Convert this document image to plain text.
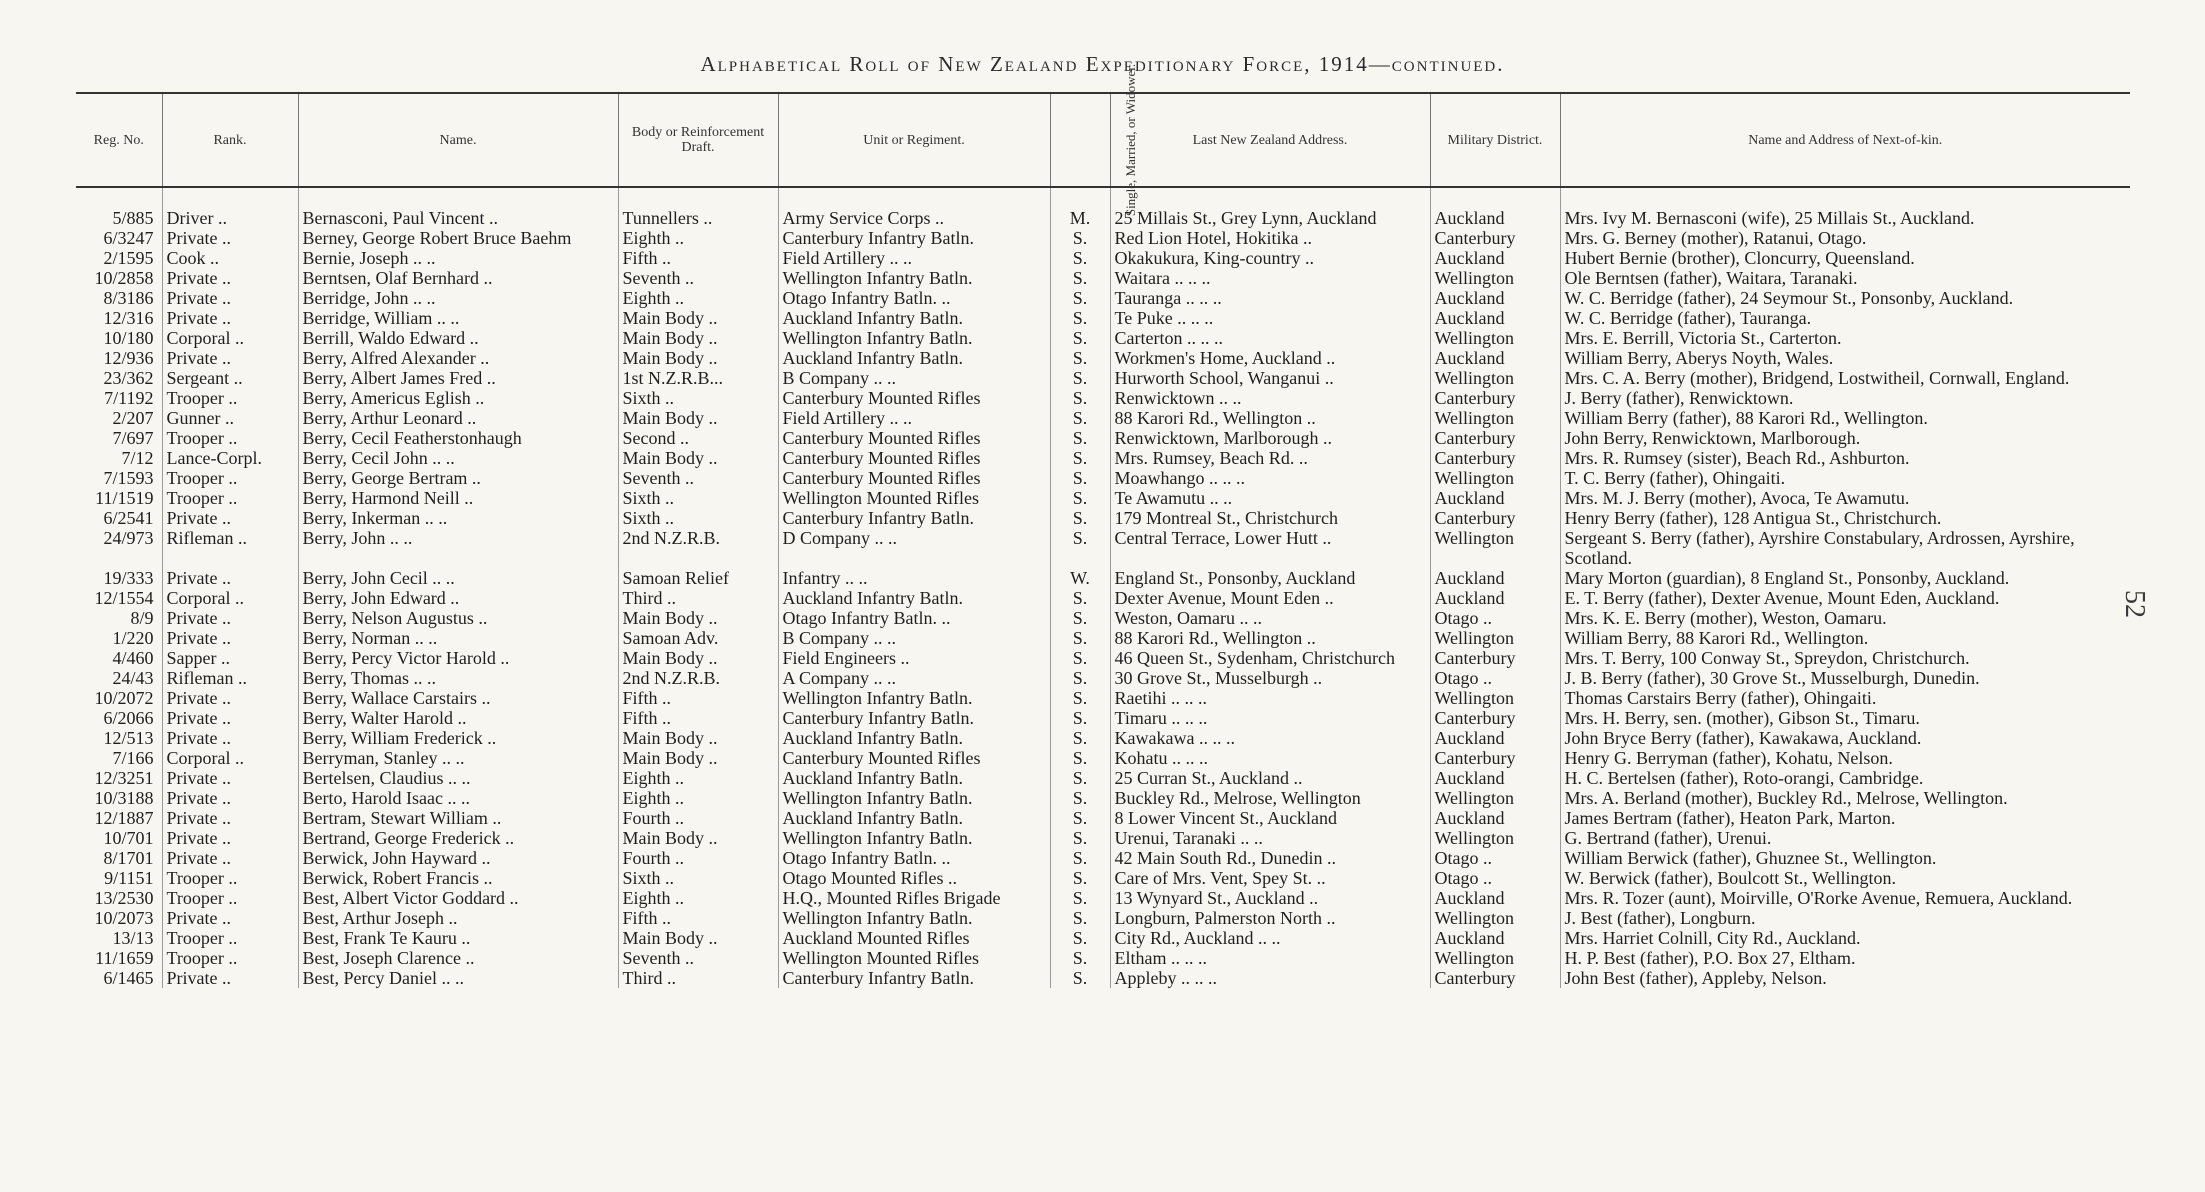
Alphabetical Roll of New Zealand Expeditionary Force, 1914—continued.
52
Reg. No.	Rank.	Name.	Body or Reinforcement Draft.	Unit or Regiment.	Single, Married, or Widower.	Last New Zealand Address.	Military District.	Name and Address of Next-of-kin.

5/885	Driver ..	Bernasconi, Paul Vincent ..	Tunnellers ..	Army Service Corps ..	M.	25 Millais St., Grey Lynn, Auckland	Auckland	Mrs. Ivy M. Bernasconi (wife), 25 Millais St., Auckland.
6/3247	Private ..	Berney, George Robert Bruce Baehm	Eighth ..	Canterbury Infantry Batln.	S.	Red Lion Hotel, Hokitika ..	Canterbury	Mrs. G. Berney (mother), Ratanui, Otago.
2/1595	Cook ..	Bernie, Joseph .. ..	Fifth ..	Field Artillery .. ..	S.	Okakukura, King-country ..	Auckland	Hubert Bernie (brother), Cloncurry, Queensland.
10/2858	Private ..	Berntsen, Olaf Bernhard ..	Seventh ..	Wellington Infantry Batln.	S.	Waitara .. .. ..	Wellington	Ole Berntsen (father), Waitara, Taranaki.
8/3186	Private ..	Berridge, John .. ..	Eighth ..	Otago Infantry Batln. ..	S.	Tauranga .. .. ..	Auckland	W. C. Berridge (father), 24 Seymour St., Ponsonby, Auckland.
12/316	Private ..	Berridge, William .. ..	Main Body ..	Auckland Infantry Batln.	S.	Te Puke .. .. ..	Auckland	W. C. Berridge (father), Tauranga.
10/180	Corporal ..	Berrill, Waldo Edward ..	Main Body ..	Wellington Infantry Batln.	S.	Carterton .. .. ..	Wellington	Mrs. E. Berrill, Victoria St., Carterton.
12/936	Private ..	Berry, Alfred Alexander ..	Main Body ..	Auckland Infantry Batln.	S.	Workmen's Home, Auckland ..	Auckland	William Berry, Aberys Noyth, Wales.
23/362	Sergeant ..	Berry, Albert James Fred ..	1st N.Z.R.B...	B Company .. ..	S.	Hurworth School, Wanganui ..	Wellington	Mrs. C. A. Berry (mother), Bridgend, Lostwitheil, Cornwall, England.
7/1192	Trooper ..	Berry, Americus Eglish ..	Sixth ..	Canterbury Mounted Rifles	S.	Renwicktown .. ..	Canterbury	J. Berry (father), Renwicktown.
2/207	Gunner ..	Berry, Arthur Leonard ..	Main Body ..	Field Artillery .. ..	S.	88 Karori Rd., Wellington ..	Wellington	William Berry (father), 88 Karori Rd., Wellington.
7/697	Trooper ..	Berry, Cecil Featherstonhaugh	Second ..	Canterbury Mounted Rifles	S.	Renwicktown, Marlborough ..	Canterbury	John Berry, Renwicktown, Marlborough.
7/12	Lance-Corpl.	Berry, Cecil John .. ..	Main Body ..	Canterbury Mounted Rifles	S.	Mrs. Rumsey, Beach Rd. ..	Canterbury	Mrs. R. Rumsey (sister), Beach Rd., Ashburton.
7/1593	Trooper ..	Berry, George Bertram ..	Seventh ..	Canterbury Mounted Rifles	S.	Moawhango .. .. ..	Wellington	T. C. Berry (father), Ohingaiti.
11/1519	Trooper ..	Berry, Harmond Neill ..	Sixth ..	Wellington Mounted Rifles	S.	Te Awamutu .. ..	Auckland	Mrs. M. J. Berry (mother), Avoca, Te Awamutu.
6/2541	Private ..	Berry, Inkerman .. ..	Sixth ..	Canterbury Infantry Batln.	S.	179 Montreal St., Christchurch	Canterbury	Henry Berry (father), 128 Antigua St., Christchurch.
24/973	Rifleman ..	Berry, John .. ..	2nd N.Z.R.B.	D Company .. ..	S.	Central Terrace, Lower Hutt ..	Wellington	Sergeant S. Berry (father), Ayrshire Constabulary, Ardrossen, Ayrshire, Scotland.
19/333	Private ..	Berry, John Cecil .. ..	Samoan Relief	Infantry .. ..	W.	England St., Ponsonby, Auckland	Auckland	Mary Morton (guardian), 8 England St., Ponsonby, Auckland.
12/1554	Corporal ..	Berry, John Edward ..	Third ..	Auckland Infantry Batln.	S.	Dexter Avenue, Mount Eden ..	Auckland	E. T. Berry (father), Dexter Avenue, Mount Eden, Auckland.
8/9	Private ..	Berry, Nelson Augustus ..	Main Body ..	Otago Infantry Batln. ..	S.	Weston, Oamaru .. ..	Otago ..	Mrs. K. E. Berry (mother), Weston, Oamaru.
1/220	Private ..	Berry, Norman .. ..	Samoan Adv.	B Company .. ..	S.	88 Karori Rd., Wellington ..	Wellington	William Berry, 88 Karori Rd., Wellington.
4/460	Sapper ..	Berry, Percy Victor Harold ..	Main Body ..	Field Engineers ..	S.	46 Queen St., Sydenham, Christchurch	Canterbury	Mrs. T. Berry, 100 Conway St., Spreydon, Christchurch.
24/43	Rifleman ..	Berry, Thomas .. ..	2nd N.Z.R.B.	A Company .. ..	S.	30 Grove St., Musselburgh ..	Otago ..	J. B. Berry (father), 30 Grove St., Musselburgh, Dunedin.
10/2072	Private ..	Berry, Wallace Carstairs ..	Fifth ..	Wellington Infantry Batln.	S.	Raetihi .. .. ..	Wellington	Thomas Carstairs Berry (father), Ohingaiti.
6/2066	Private ..	Berry, Walter Harold ..	Fifth ..	Canterbury Infantry Batln.	S.	Timaru .. .. ..	Canterbury	Mrs. H. Berry, sen. (mother), Gibson St., Timaru.
12/513	Private ..	Berry, William Frederick ..	Main Body ..	Auckland Infantry Batln.	S.	Kawakawa .. .. ..	Auckland	John Bryce Berry (father), Kawakawa, Auckland.
7/166	Corporal ..	Berryman, Stanley .. ..	Main Body ..	Canterbury Mounted Rifles	S.	Kohatu .. .. ..	Canterbury	Henry G. Berryman (father), Kohatu, Nelson.
12/3251	Private ..	Bertelsen, Claudius .. ..	Eighth ..	Auckland Infantry Batln.	S.	25 Curran St., Auckland ..	Auckland	H. C. Bertelsen (father), Roto-orangi, Cambridge.
10/3188	Private ..	Berto, Harold Isaac .. ..	Eighth ..	Wellington Infantry Batln.	S.	Buckley Rd., Melrose, Wellington	Wellington	Mrs. A. Berland (mother), Buckley Rd., Melrose, Wellington.
12/1887	Private ..	Bertram, Stewart William ..	Fourth ..	Auckland Infantry Batln.	S.	8 Lower Vincent St., Auckland	Auckland	James Bertram (father), Heaton Park, Marton.
10/701	Private ..	Bertrand, George Frederick ..	Main Body ..	Wellington Infantry Batln.	S.	Urenui, Taranaki .. ..	Wellington	G. Bertrand (father), Urenui.
8/1701	Private ..	Berwick, John Hayward ..	Fourth ..	Otago Infantry Batln. ..	S.	42 Main South Rd., Dunedin ..	Otago ..	William Berwick (father), Ghuznee St., Wellington.
9/1151	Trooper ..	Berwick, Robert Francis ..	Sixth ..	Otago Mounted Rifles ..	S.	Care of Mrs. Vent, Spey St. ..	Otago ..	W. Berwick (father), Boulcott St., Wellington.
13/2530	Trooper ..	Best, Albert Victor Goddard ..	Eighth ..	H.Q., Mounted Rifles Brigade	S.	13 Wynyard St., Auckland ..	Auckland	Mrs. R. Tozer (aunt), Moirville, O'Rorke Avenue, Remuera, Auckland.
10/2073	Private ..	Best, Arthur Joseph ..	Fifth ..	Wellington Infantry Batln.	S.	Longburn, Palmerston North ..	Wellington	J. Best (father), Longburn.
13/13	Trooper ..	Best, Frank Te Kauru ..	Main Body ..	Auckland Mounted Rifles	S.	City Rd., Auckland .. ..	Auckland	Mrs. Harriet Colnill, City Rd., Auckland.
11/1659	Trooper ..	Best, Joseph Clarence ..	Seventh ..	Wellington Mounted Rifles	S.	Eltham .. .. ..	Wellington	H. P. Best (father), P.O. Box 27, Eltham.
6/1465	Private ..	Best, Percy Daniel .. ..	Third ..	Canterbury Infantry Batln.	S.	Appleby .. .. ..	Canterbury	John Best (father), Appleby, Nelson.
